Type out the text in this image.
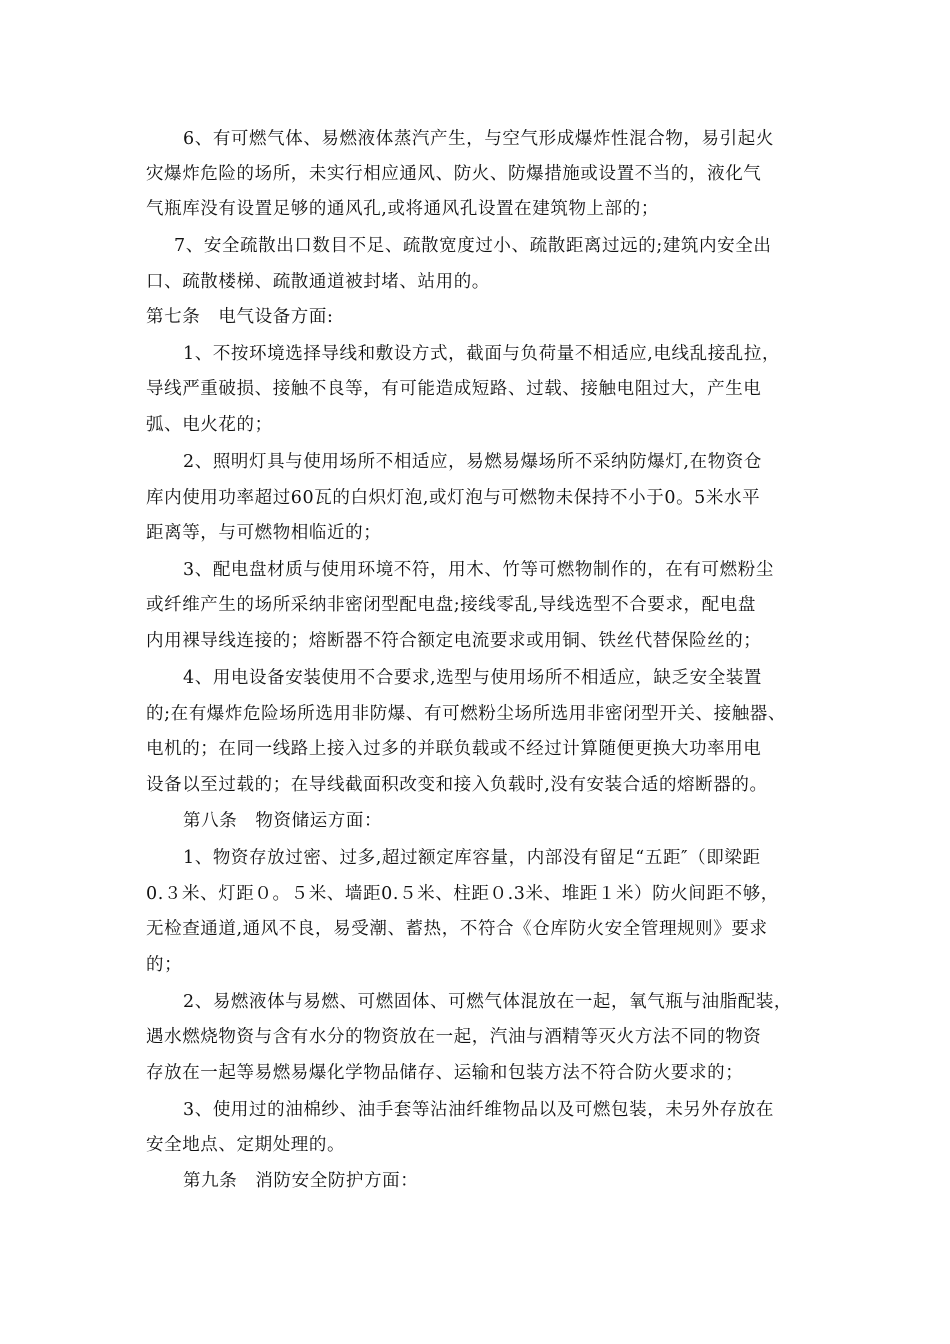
6、有可燃气体、易燃液体蒸汽产生，与空气形成爆炸性混合物，易引起火
灾爆炸危险的场所，未实行相应通风、防火、防爆措施或设置不当的，液化气
气瓶库没有设置足够的通风孔,或将通风孔设置在建筑物上部的；
7、安全疏散出口数目不足、疏散宽度过小、疏散距离过远的;建筑内安全出
口、疏散楼梯、疏散通道被封堵、站用的。
第七条　电气设备方面:
1、不按环境选择导线和敷设方式，截面与负荷量不相适应,电线乱接乱拉，
导线严重破损、接触不良等，有可能造成短路、过载、接触电阻过大，产生电
弧、电火花的；
2、照明灯具与使用场所不相适应，易燃易爆场所不采纳防爆灯,在物资仓
库内使用功率超过60瓦的白炽灯泡,或灯泡与可燃物未保持不小于0。5米水平
距离等，与可燃物相临近的；
3、配电盘材质与使用环境不符，用木、竹等可燃物制作的，在有可燃粉尘
或纤维产生的场所采纳非密闭型配电盘;接线零乱,导线选型不合要求，配电盘
内用裸导线连接的；熔断器不符合额定电流要求或用铜、铁丝代替保险丝的；
4、用电设备安装使用不合要求,选型与使用场所不相适应，缺乏安全装置
的;在有爆炸危险场所选用非防爆、有可燃粉尘场所选用非密闭型开关、接触器、
电机的；在同一线路上接入过多的并联负载或不经过计算随便更换大功率用电
设备以至过载的；在导线截面积改变和接入负载时,没有安装合适的熔断器的。
第八条　物资储运方面：
1、物资存放过密、过多,超过额定库容量，内部没有留足“五距″（即梁距
0.３米、灯距０。５米、墙距0.５米、柱距０.3米、堆距１米）防火间距不够，
无检查通道,通风不良，易受潮、蓄热，不符合《仓库防火安全管理规则》要求
的；
2、易燃液体与易燃、可燃固体、可燃气体混放在一起，氧气瓶与油脂配装，
遇水燃烧物资与含有水分的物资放在一起，汽油与酒精等灭火方法不同的物资
存放在一起等易燃易爆化学物品储存、运输和包装方法不符合防火要求的；
3、使用过的油棉纱、油手套等沾油纤维物品以及可燃包装，未另外存放在
安全地点、定期处理的。
第九条　消防安全防护方面：
